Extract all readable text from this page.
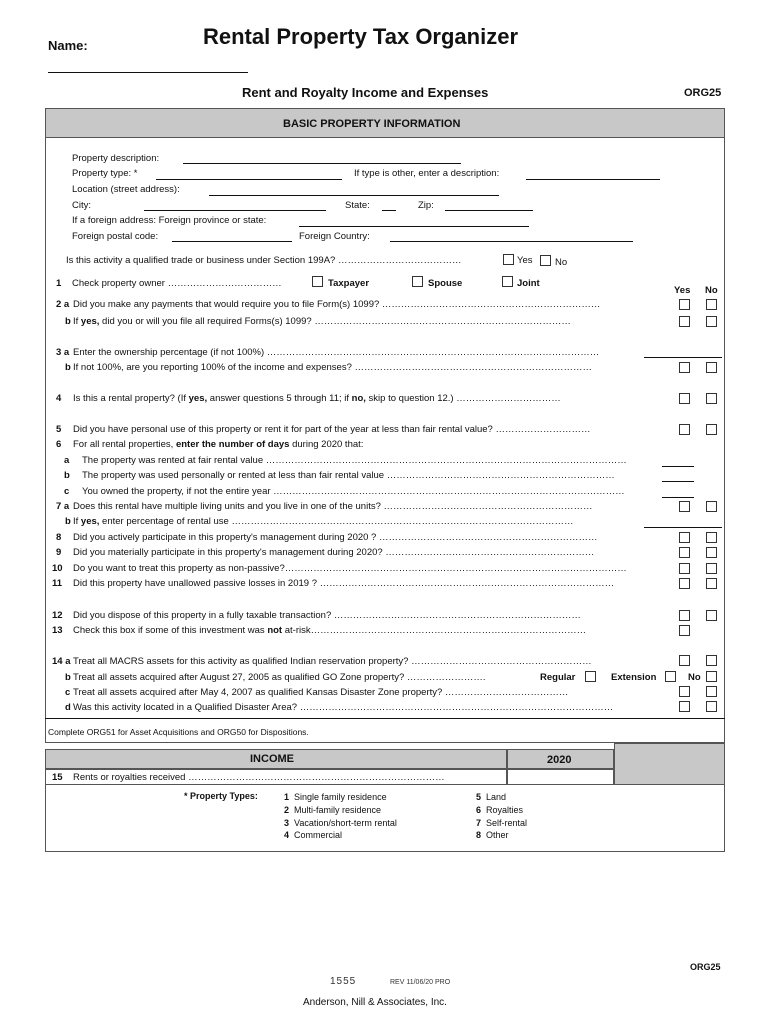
Name:	Rental Property Tax Organizer
Rent and Royalty Income and Expenses	ORG25
BASIC PROPERTY INFORMATION
Property description:
Property type: *	If type is other, enter a description:
Location (street address):
City:	State:	Zip:
If a foreign address: Foreign province or state:
Foreign postal code:	Foreign Country:
Is this activity a qualified trade or business under Section 199A? …………………………………	Yes No
1 Check property owner ………………………………	Taxpayer	Spouse	Joint
Yes No
2 a Did you make any payments that would require you to file Form(s) 1099? ……………………………………………………………
b If yes, did you or will you file all required Forms(s) 1099? ………………………………………………………………………
3 a Enter the ownership percentage (if not 100%) ……………………………………………………………………………………………
b If not 100%, are you reporting 100% of the income and expenses? …………………………………………………………………
4 Is this a rental property? (If yes, answer questions 5 through 11; if no, skip to question 12.) ……………………………
5 Did you have personal use of this property or rent it for part of the year at less than fair rental value? …………………………
6 For all rental properties, enter the number of days during 2020 that:
a The property was rented at fair rental value ……………………………………………………………………………………………………
b The property was used personally or rented at less than fair rental value ………………………………………………………………
c You owned the property, if not the entire year …………………………………………………………………………………………………
7 a Does this rental have multiple living units and you live in one of the units? …………………………………………………………
b If yes, enter percentage of rental use ………………………………………………………………………………………………
8 Did you actively participate in this property's management during 2020 ? ……………………………………………………………
9 Did you materially participate in this property's management during 2020? …………………………………………………………
10 Do you want to treat this property as non-passive?………………………………………………………………………………………………
11 Did this property have unallowed passive losses in 2019 ? …………………………………………………………………………………
12 Did you dispose of this property in a fully taxable transaction? ……………………………………………………………………
13 Check this box if some of this investment was not at-risk……………………………………………………………………………
14 a Treat all MACRS assets for this activity as qualified Indian reservation property? …………………………………………………
b Treat all assets acquired after August 27, 2005 as qualified GO Zone property? …………………….	Regular	Extension	No
c Treat all assets acquired after May 4, 2007 as qualified Kansas Disaster Zone property? …………………………………
d Was this activity located in a Qualified Disaster Area? ………………………………………………………………………………………
Complete ORG51 for Asset Acquisitions and ORG50 for Dispositions.
INCOME	2020
15 Rents or royalties received ………………………………………………………………………
* Property Types:	1 Single family residence
2 Multi-family residence
3 Vacation/short-term rental
4 Commercial
5 Land
6 Royalties
7 Self-rental
8 Other
ORG25
1555	REV 11/06/20 PRO
Anderson, Nill & Associates, Inc.
